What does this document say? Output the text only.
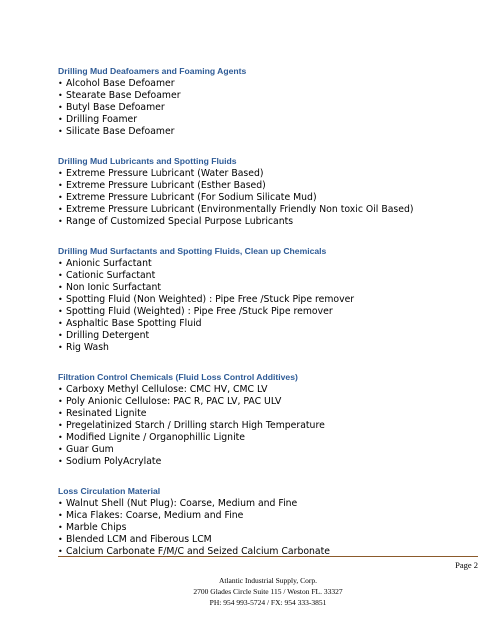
Drilling Mud Deafoamers and Foaming Agents
• Alcohol Base Defoamer
• Stearate Base Defoamer
• Butyl Base Defoamer
• Drilling Foamer
• Silicate Base Defoamer
Drilling Mud Lubricants and Spotting Fluids
• Extreme Pressure Lubricant (Water Based)
• Extreme Pressure Lubricant (Esther Based)
• Extreme Pressure Lubricant (For Sodium Silicate Mud)
• Extreme Pressure Lubricant (Environmentally Friendly Non toxic Oil Based)
• Range of Customized Special Purpose Lubricants
Drilling Mud Surfactants and Spotting Fluids, Clean up Chemicals
• Anionic Surfactant
• Cationic Surfactant
• Non Ionic Surfactant
• Spotting Fluid (Non Weighted) : Pipe Free /Stuck Pipe remover
• Spotting Fluid (Weighted) : Pipe Free /Stuck Pipe remover
• Asphaltic Base Spotting Fluid
• Drilling Detergent
• Rig Wash
Filtration Control Chemicals (Fluid Loss Control Additives)
• Carboxy Methyl Cellulose: CMC HV, CMC LV
• Poly Anionic Cellulose: PAC R, PAC LV, PAC ULV
• Resinated Lignite
• Pregelatinized Starch / Drilling starch High Temperature
• Modified Lignite / Organophillic Lignite
• Guar Gum
• Sodium PolyAcrylate
Loss Circulation Material
• Walnut Shell (Nut Plug): Coarse, Medium and Fine
• Mica Flakes: Coarse, Medium and Fine
• Marble Chips
• Blended LCM and Fiberous LCM
• Calcium Carbonate F/M/C and Seized Calcium Carbonate
Page 2
Atlantic Industrial Supply, Corp.
2700 Glades Circle Suite 115 / Weston FL. 33327
PH: 954 993-5724 / FX: 954 333-3851
